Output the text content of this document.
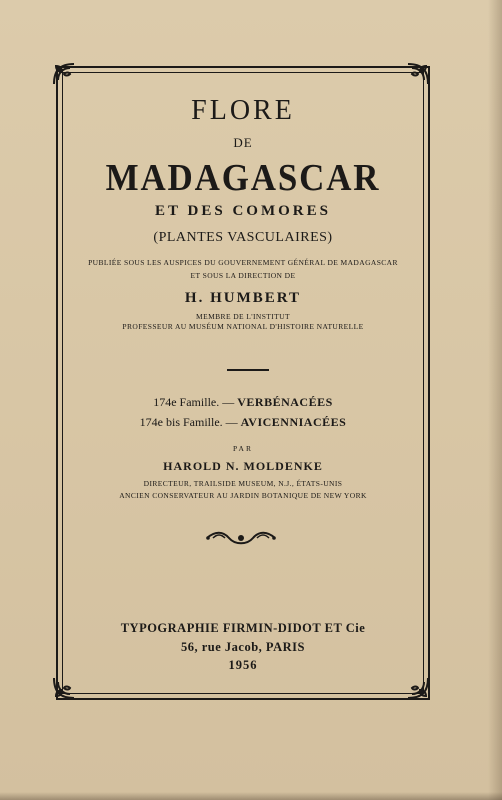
FLORE
DE
MADAGASCAR
ET DES COMORES
(PLANTES VASCULAIRES)
PUBLIÉE SOUS LES AUSPICES DU GOUVERNEMENT GÉNÉRAL DE MADAGASCAR
ET SOUS LA DIRECTION DE
H. HUMBERT
MEMBRE DE L'INSTITUT
PROFESSEUR AU MUSÉUM NATIONAL D'HISTOIRE NATURELLE
174e Famille. — VERBÉNACÉES
174e bis Famille. — AVICENNIACÉES
PAR
HAROLD N. MOLDENKE
DIRECTEUR, TRAILSIDE MUSEUM, N.J., ÉTATS-UNIS
ANCIEN CONSERVATEUR AU JARDIN BOTANIQUE DE NEW YORK
TYPOGRAPHIE FIRMIN-DIDOT ET Cie
56, rue Jacob, PARIS
1956
